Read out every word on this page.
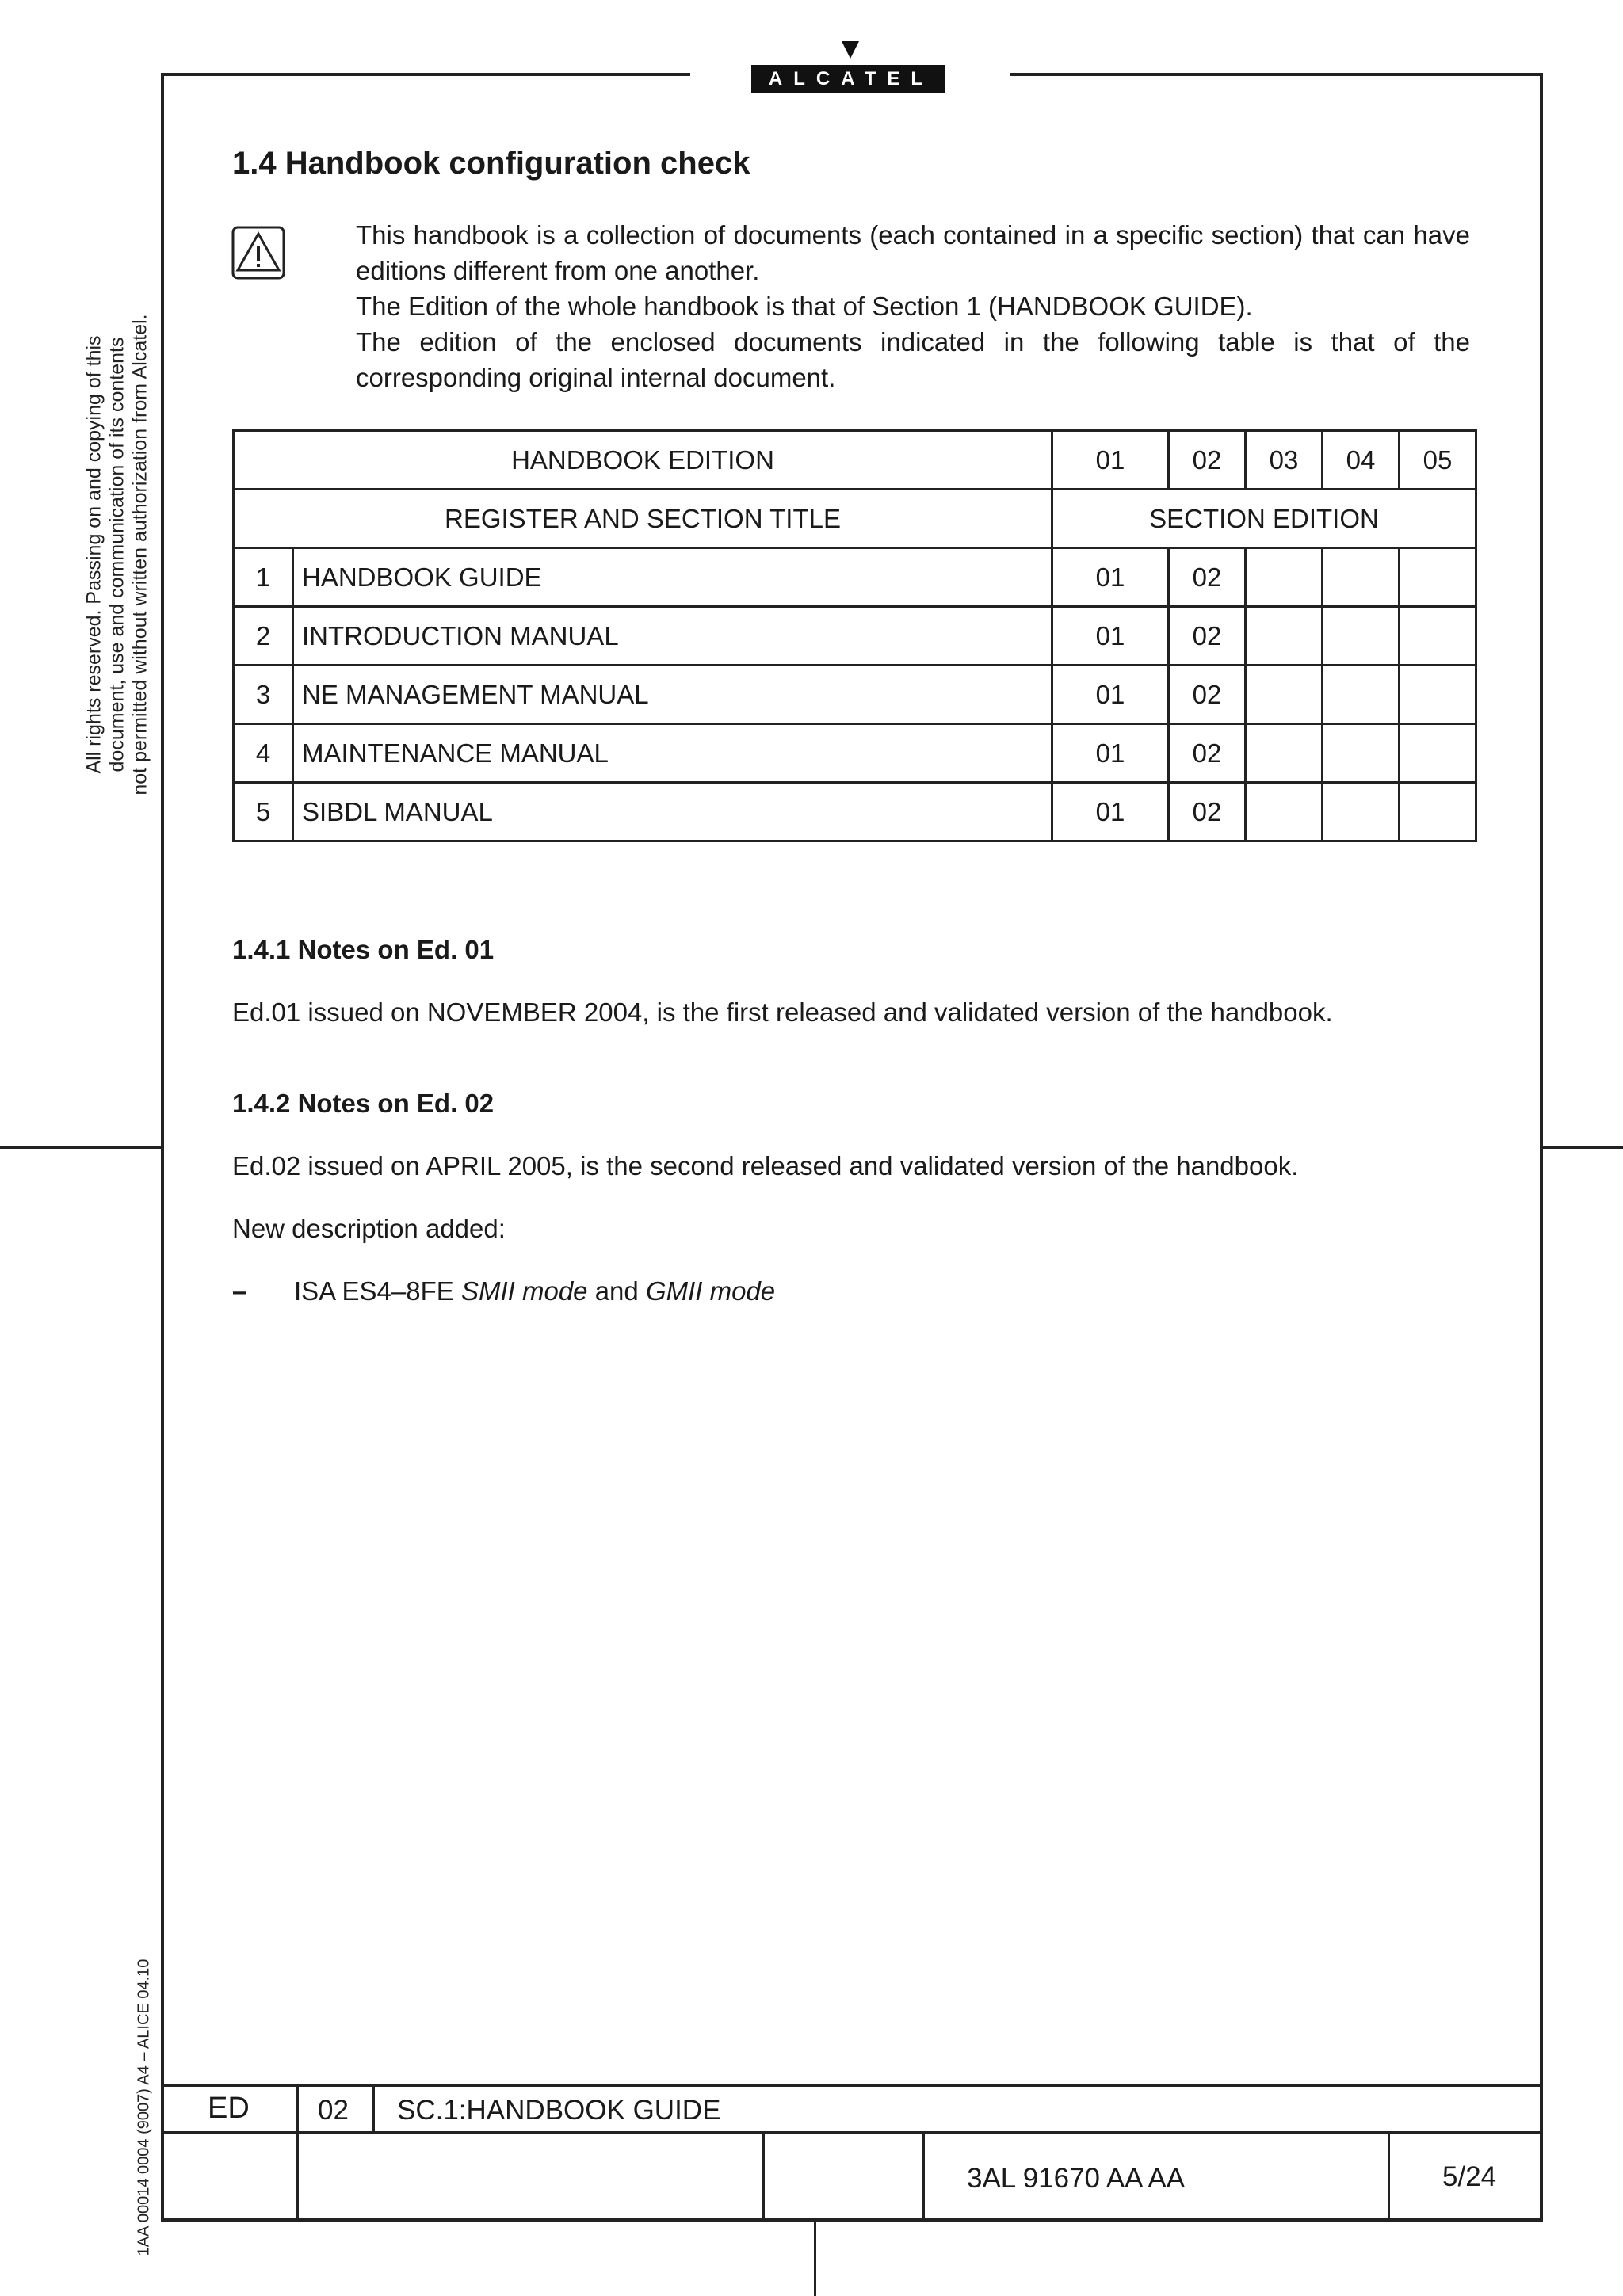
ALCATEL
All rights reserved. Passing on and copying of this document, use and communication of its contents not permitted without written authorization from Alcatel.
1AA 00014 0004 (9007) A4 – ALICE 04.10
1.4 Handbook configuration check

This handbook is a collection of documents (each contained in a specific section) that can have editions different from one another.

The Edition of the whole handbook is that of Section 1 (HANDBOOK GUIDE).

The edition of the enclosed documents indicated in the following table is that of the corresponding original internal document.

HANDBOOK EDITION		01	02	03	04	05
REGISTER AND SECTION TITLE		SECTION EDITION				
1	HANDBOOK GUIDE	01	02			
2	INTRODUCTION MANUAL	01	02			
3	NE MANAGEMENT MANUAL	01	02			
4	MAINTENANCE MANUAL	01	02			
5	SIBDL MANUAL	01	02			
1.4.1 Notes on Ed. 01

Ed.01 issued on NOVEMBER 2004, is the first released and validated version of the handbook.

1.4.2 Notes on Ed. 02

Ed.02 issued on APRIL 2005, is the second released and validated version of the handbook.

New description added:

– ISA ES4–8FE SMII mode and GMII mode

ED 02 SC.1:HANDBOOK GUIDE
3AL 91670 AA AA	5/24
